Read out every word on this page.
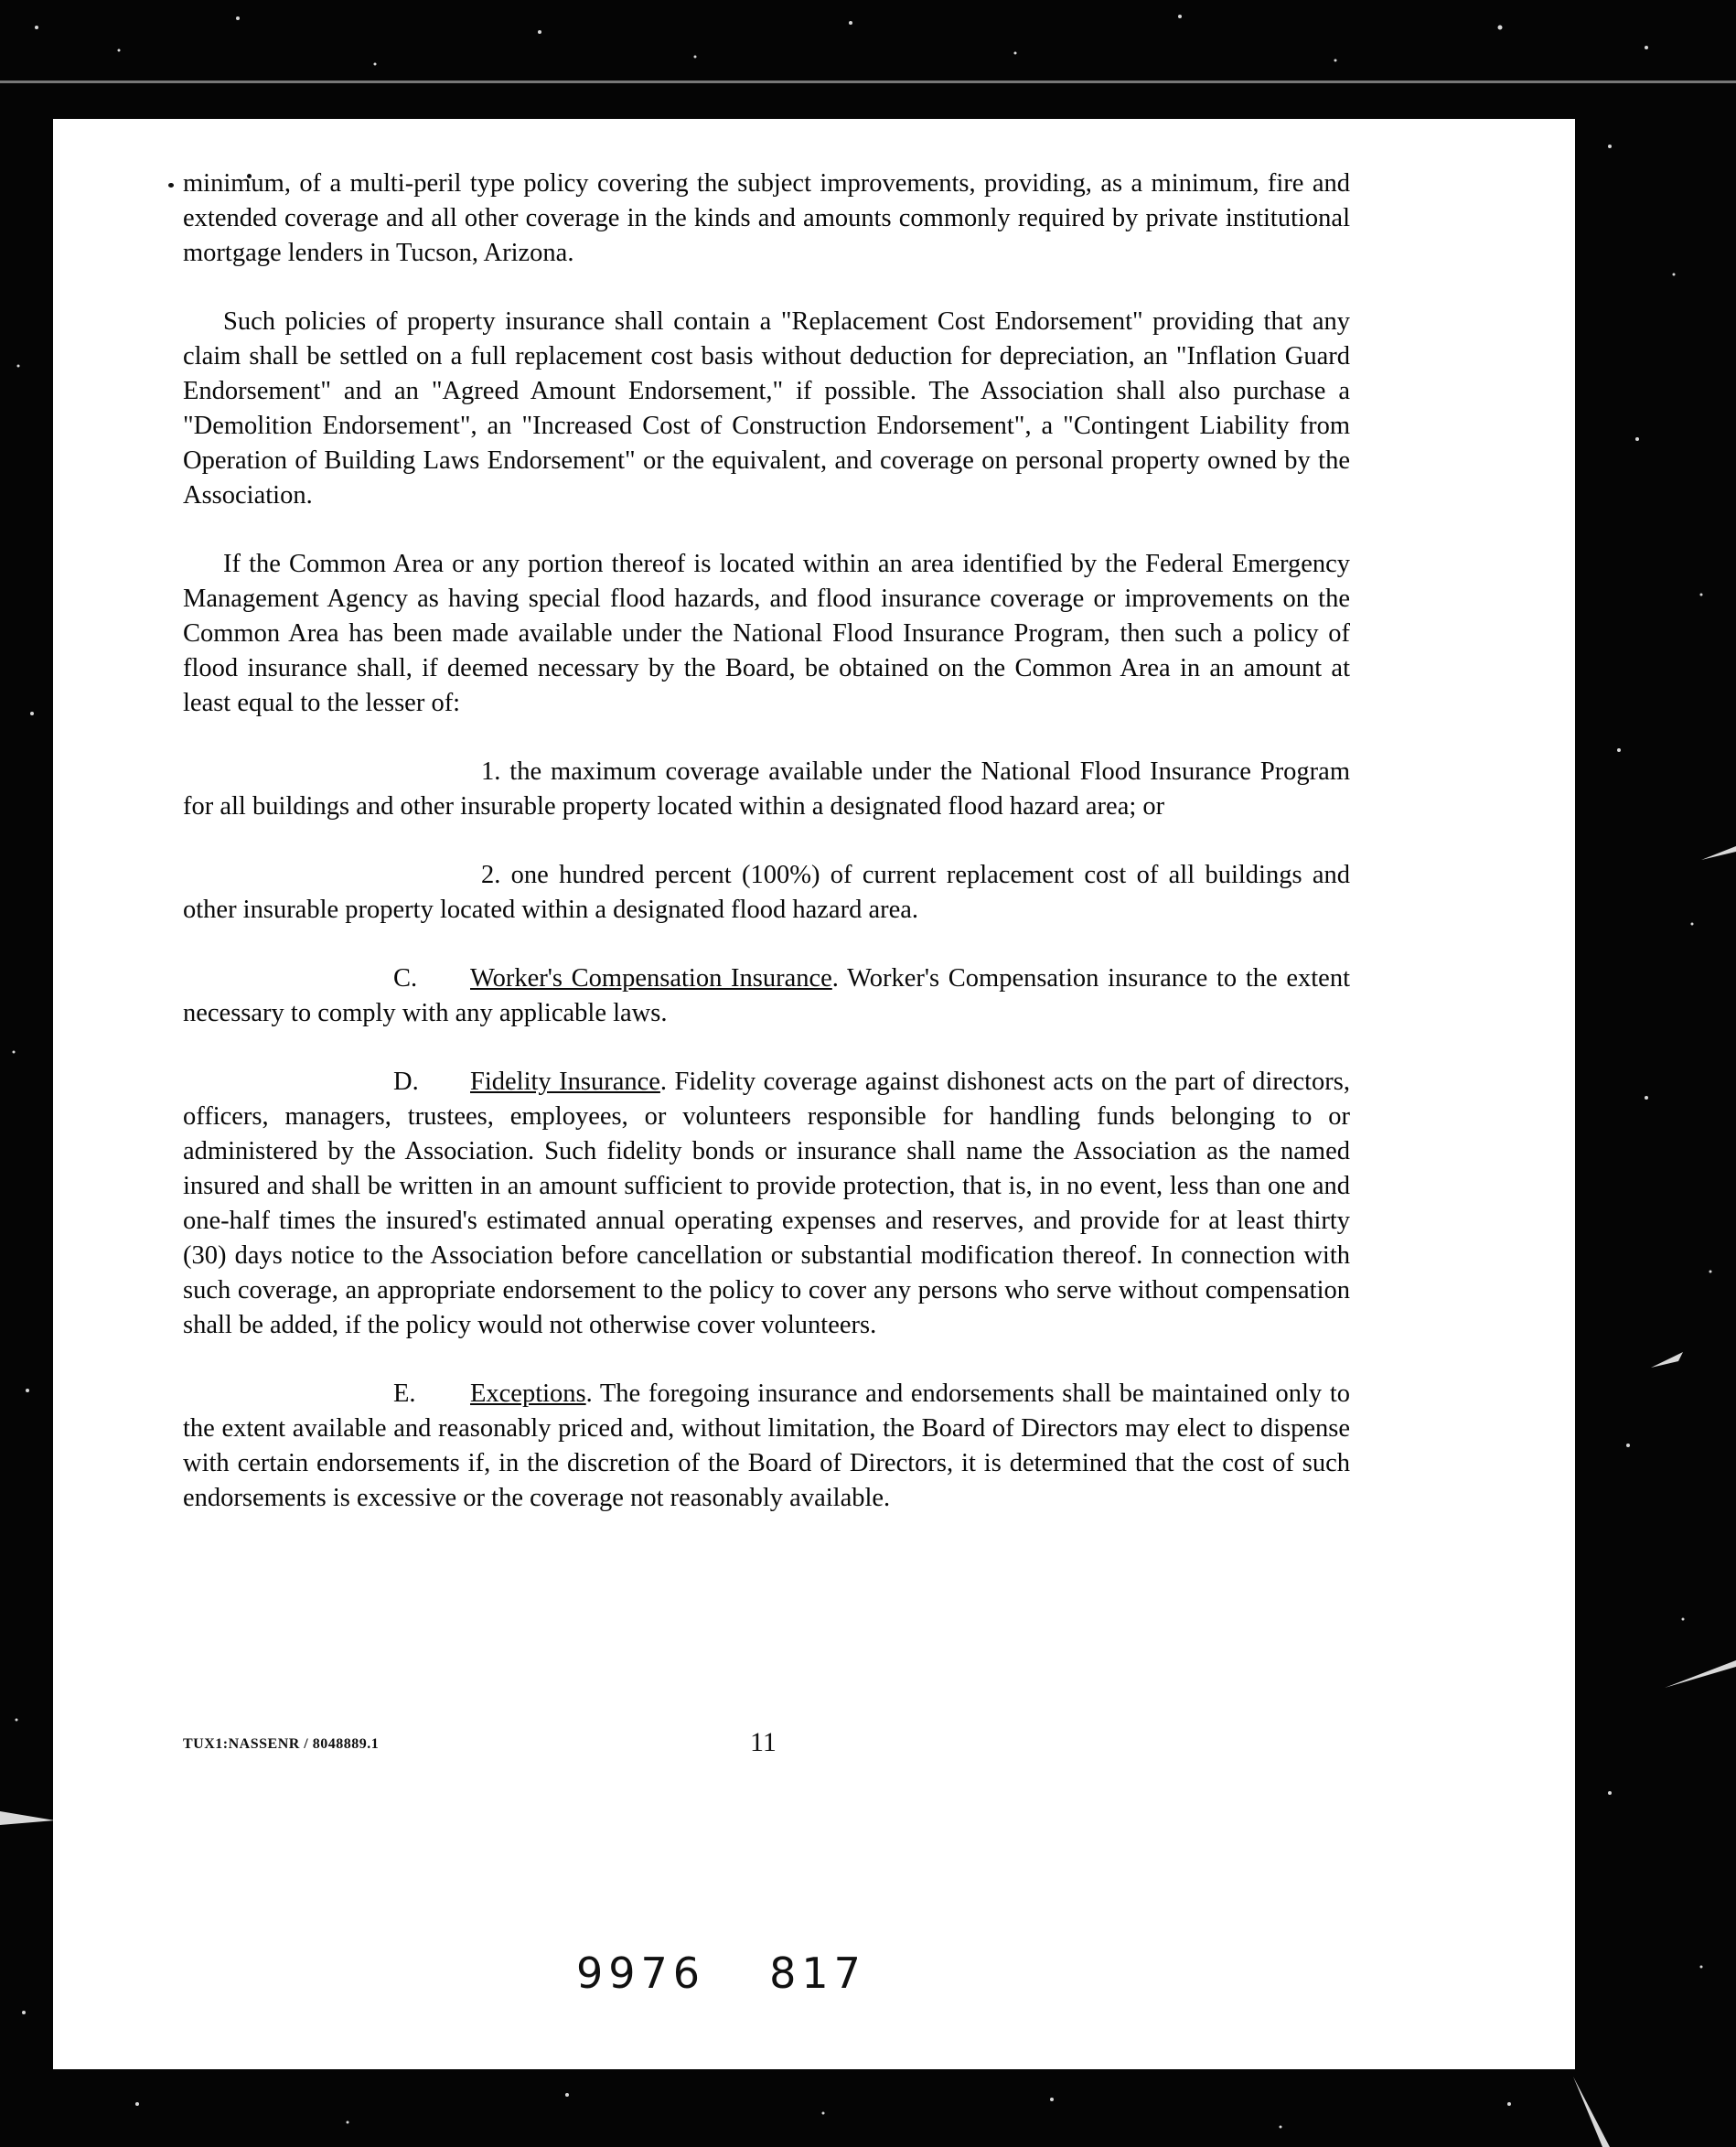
minimum, of a multi-peril type policy covering the subject improvements, providing, as a minimum, fire and extended coverage and all other coverage in the kinds and amounts commonly required by private institutional mortgage lenders in Tucson, Arizona.

Such policies of property insurance shall contain a "Replacement Cost Endorsement" providing that any claim shall be settled on a full replacement cost basis without deduction for depreciation, an "Inflation Guard Endorsement" and an "Agreed Amount Endorsement," if possible. The Association shall also purchase a "Demolition Endorsement", an "Increased Cost of Construction Endorsement", a "Contingent Liability from Operation of Building Laws Endorsement" or the equivalent, and coverage on personal property owned by the Association.

If the Common Area or any portion thereof is located within an area identified by the Federal Emergency Management Agency as having special flood hazards, and flood insurance coverage or improvements on the Common Area has been made available under the National Flood Insurance Program, then such a policy of flood insurance shall, if deemed necessary by the Board, be obtained on the Common Area in an amount at least equal to the lesser of:

1. the maximum coverage available under the National Flood Insurance Program for all buildings and other insurable property located within a designated flood hazard area; or

2. one hundred percent (100%) of current replacement cost of all buildings and other insurable property located within a designated flood hazard area.

C. Worker's Compensation Insurance. Worker's Compensation insurance to the extent necessary to comply with any applicable laws.

D. Fidelity Insurance. Fidelity coverage against dishonest acts on the part of directors, officers, managers, trustees, employees, or volunteers responsible for handling funds belonging to or administered by the Association. Such fidelity bonds or insurance shall name the Association as the named insured and shall be written in an amount sufficient to provide protection, that is, in no event, less than one and one-half times the insured's estimated annual operating expenses and reserves, and provide for at least thirty (30) days notice to the Association before cancellation or substantial modification thereof. In connection with such coverage, an appropriate endorsement to the policy to cover any persons who serve without compensation shall be added, if the policy would not otherwise cover volunteers.

E. Exceptions. The foregoing insurance and endorsements shall be maintained only to the extent available and reasonably priced and, without limitation, the Board of Directors may elect to dispense with certain endorsements if, in the discretion of the Board of Directors, it is determined that the cost of such endorsements is excessive or the coverage not reasonably available.

TUX1:NASSENR / 8048889.1	11
9976 817
